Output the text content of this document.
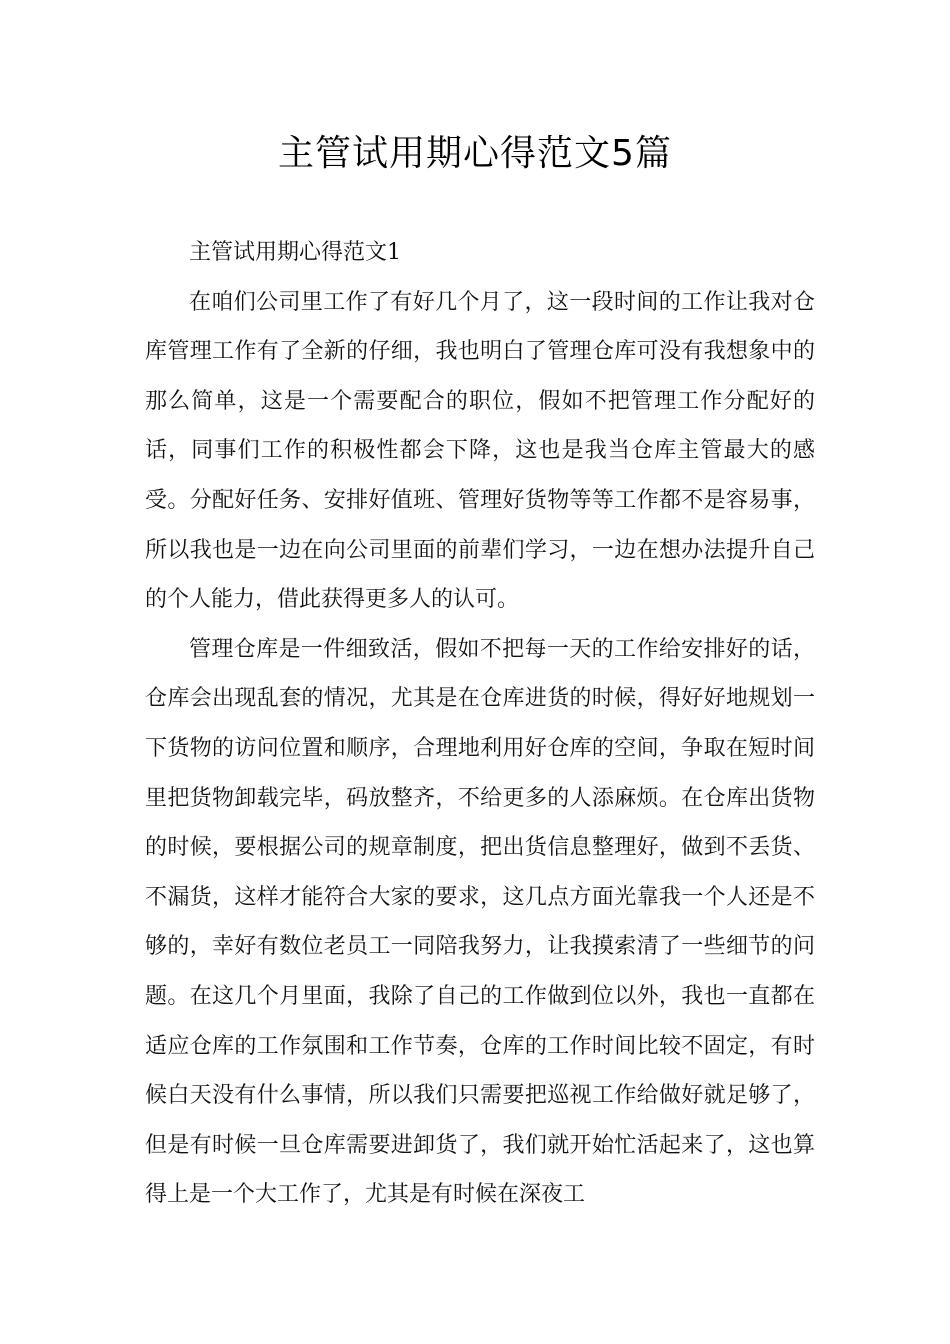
主管试用期心得范文5篇

主管试用期心得范文1

在咱们公司里工作了有好几个月了，这一段时间的工作让我对仓库管理工作有了全新的仔细，我也明白了管理仓库可没有我想象中的那么简单，这是一个需要配合的职位，假如不把管理工作分配好的话，同事们工作的积极性都会下降，这也是我当仓库主管最大的感受。分配好任务、安排好值班、管理好货物等等工作都不是容易事，所以我也是一边在向公司里面的前辈们学习，一边在想办法提升自己的个人能力，借此获得更多人的认可。

管理仓库是一件细致活，假如不把每一天的工作给安排好的话，仓库会出现乱套的情况，尤其是在仓库进货的时候，得好好地规划一下货物的访问位置和顺序，合理地利用好仓库的空间，争取在短时间里把货物卸载完毕，码放整齐，不给更多的人添麻烦。在仓库出货物的时候，要根据公司的规章制度，把出货信息整理好，做到不丢货、不漏货，这样才能符合大家的要求，这几点方面光靠我一个人还是不够的，幸好有数位老员工一同陪我努力，让我摸索清了一些细节的问题。在这几个月里面，我除了自己的工作做到位以外，我也一直都在适应仓库的工作氛围和工作节奏，仓库的工作时间比较不固定，有时候白天没有什么事情，所以我们只需要把巡视工作给做好就足够了，但是有时候一旦仓库需要进卸货了，我们就开始忙活起来了，这也算得上是一个大工作了，尤其是有时候在深夜工
